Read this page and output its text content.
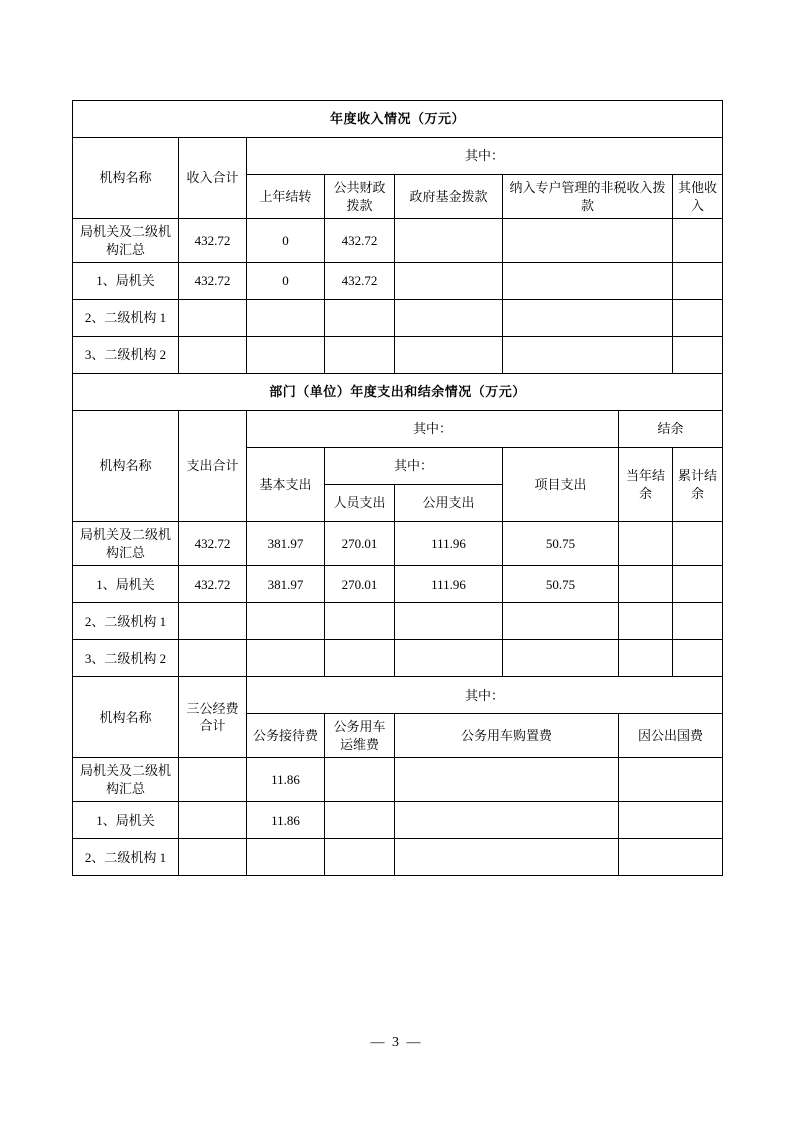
年度收入情况（万元）							
机构名称	收入合计	其中：					
		上年结转	公共财政拨款	政府基金拨款	纳入专户管理的非税收入拨款		其他收入
局机关及二级机构汇总	432.72	0	432.72				
1、局机关	432.72	0	432.72				
2、二级机构 1							
3、二级机构 2							
部门（单位）年度支出和结余情况（万元）							
机构名称	支出合计	其中：				结余	
		基本支出	其中：		项目支出	当年结余	累计结余
			人员支出	公用支出			
局机关及二级机构汇总	432.72	381.97	270.01	111.96	50.75		
1、局机关	432.72	381.97	270.01	111.96	50.75		
2、二级机构 1							
3、二级机构 2							
机构名称	三公经费合计	其中：					
		公务接待费	公务用车运维费	公务用车购置费		因公出国费	
局机关及二级机构汇总		11.86					
1、局机关		11.86					
2、二级机构 1							
— 3 —
